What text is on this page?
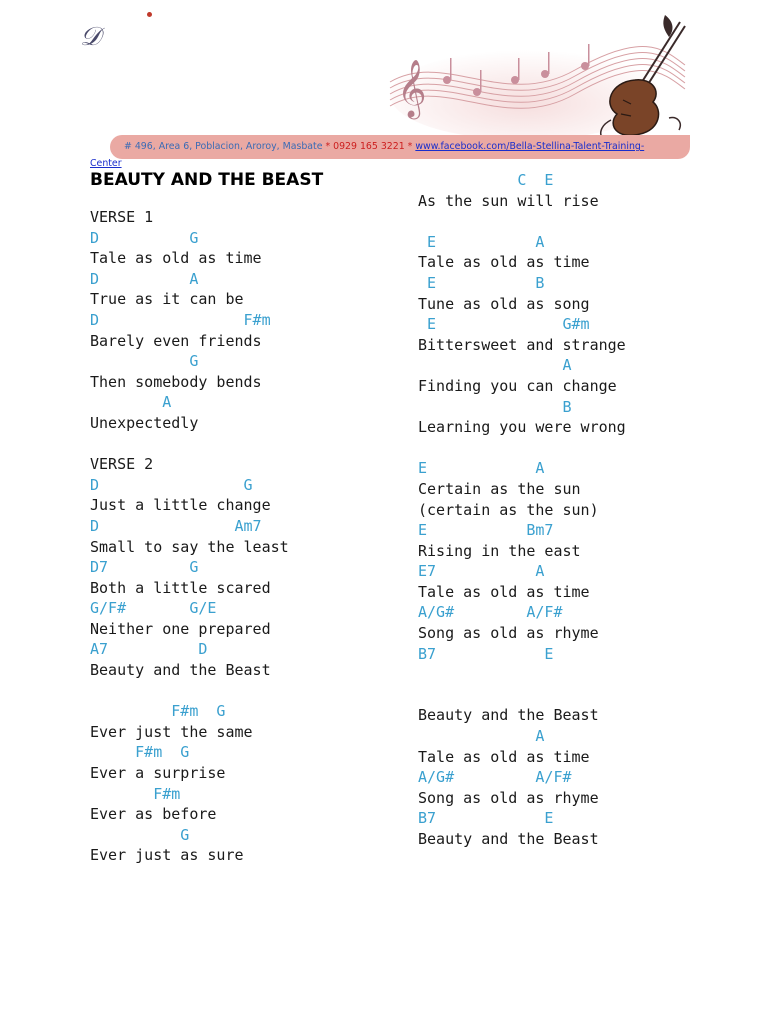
𝒟
𝄞
# 496, Area 6, Poblacion, Aroroy, Masbate * 0929 165 3221 * www.facebook.com/Bella-Stellina-Talent-Training-
Center
BEAUTY AND THE BEAST
VERSE 1
D          G
Tale as old as time
D          A
True as it can be
D                F#m
Barely even friends
G
Then somebody bends
A
Unexpectedly
VERSE 2
D                G
Just a little change
D               Am7
Small to say the least
D7         G
Both a little scared
G/F#       G/E
Neither one prepared
A7          D
Beauty and the Beast
F#m  G
Ever just the same
F#m  G
Ever a surprise
F#m
Ever as before
G
Ever just as sure
C  E
As the sun will rise
E           A
Tale as old as time
E           B
Tune as old as song
E              G#m
Bittersweet and strange
A
Finding you can change
B
Learning you were wrong
E            A
Certain as the sun
(certain as the sun)
E           Bm7
Rising in the east
E7           A
Tale as old as time
A/G#        A/F#
Song as old as rhyme
B7            E
Beauty and the Beast
A
Tale as old as time
A/G#         A/F#
Song as old as rhyme
B7            E
Beauty and the Beast
